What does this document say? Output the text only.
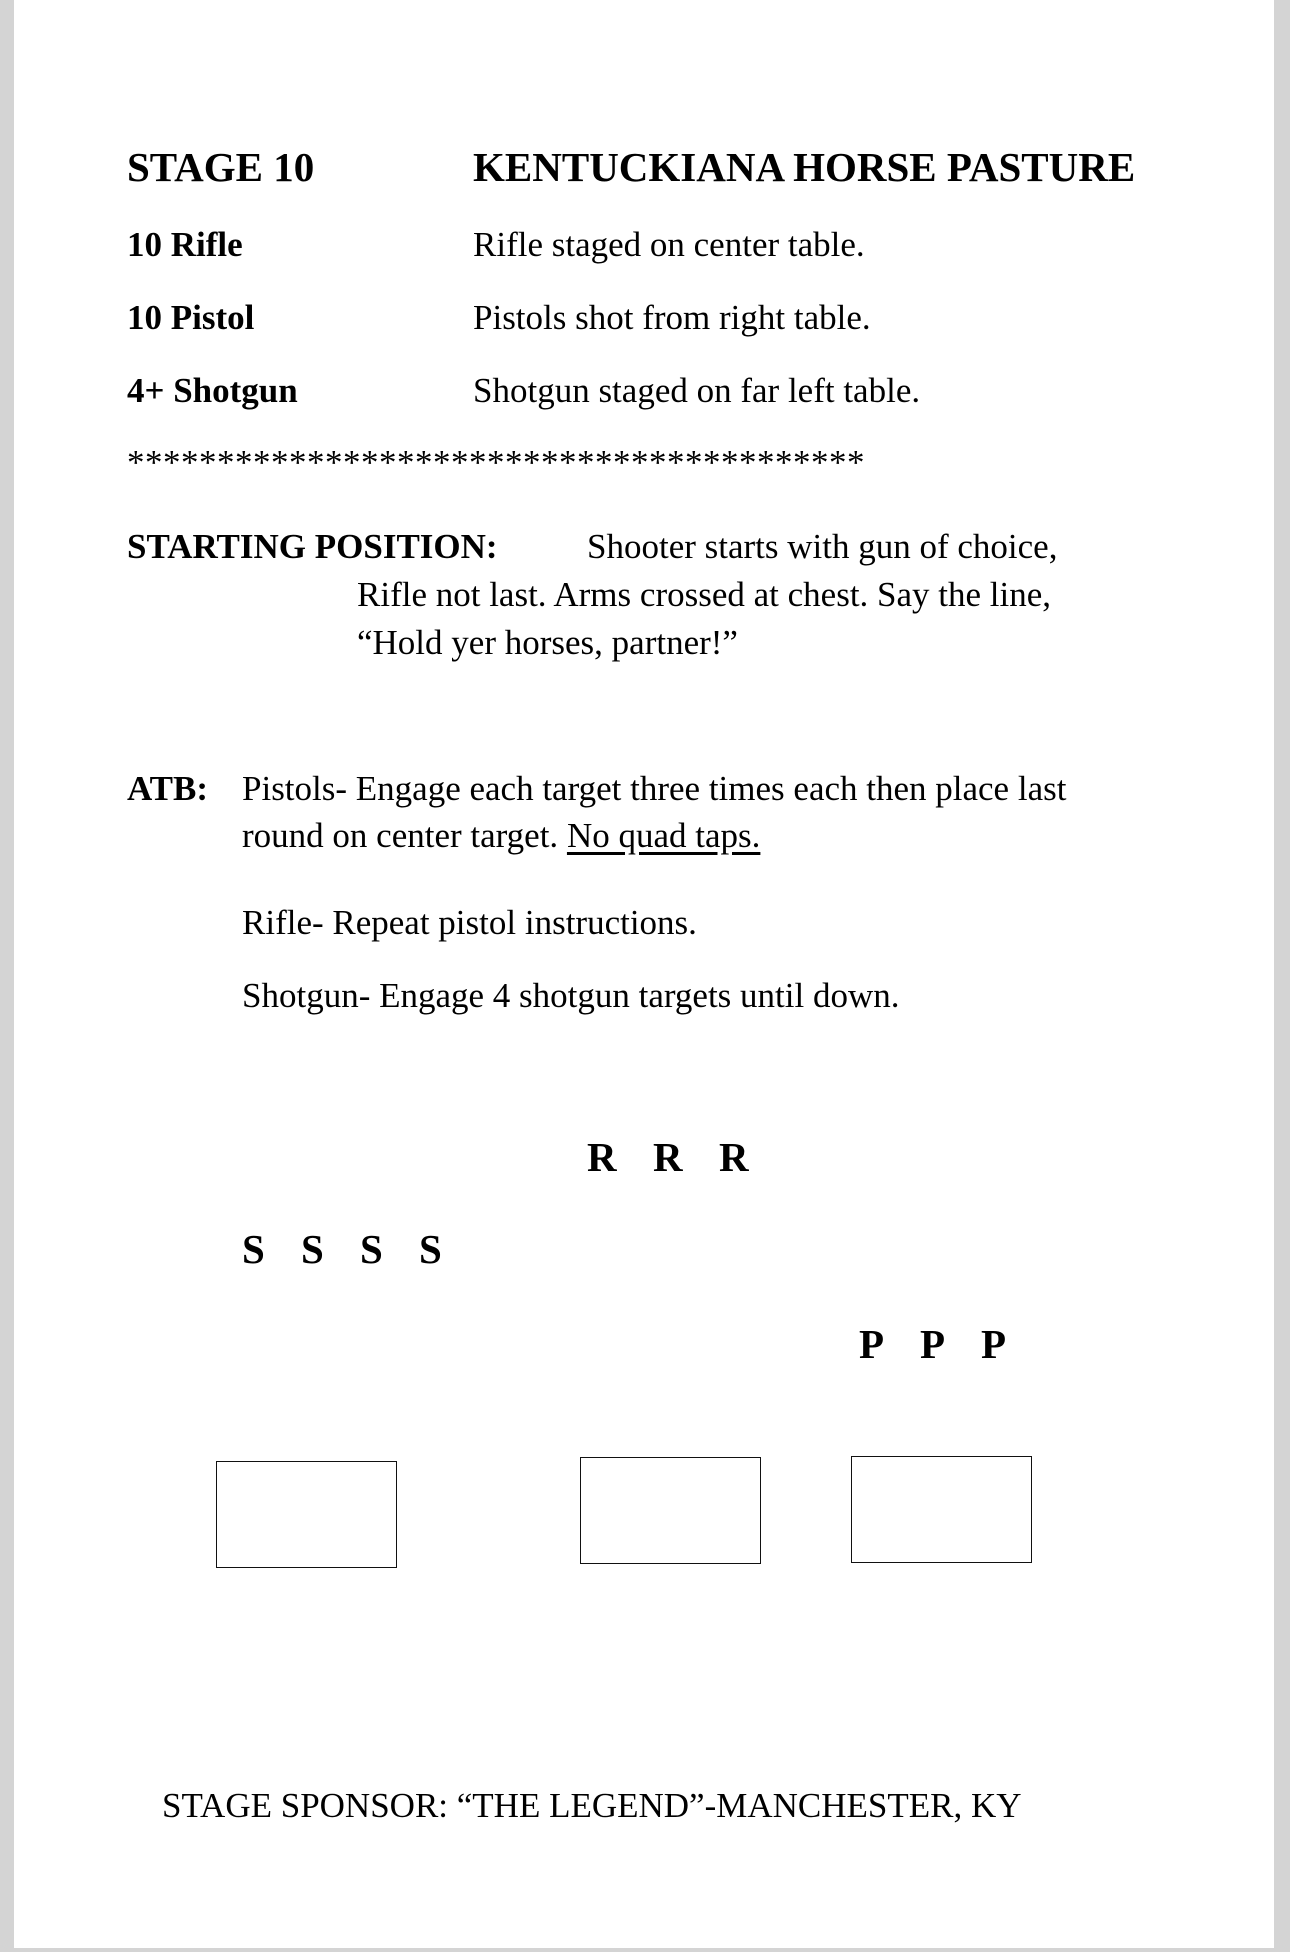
STAGE 10	KENTUCKIANA HORSE PASTURE
10 Rifle	Rifle staged on center table.
10 Pistol	Pistols shot from right table.
4+ Shotgun	Shotgun staged on far left table.
*****************************************
STARTING POSITION:	Shooter starts with gun of choice,
Rifle not last. Arms crossed at chest. Say the line,
“Hold yer horses, partner!”
ATB: Pistols- Engage each target three times each then place last
round on center target. No quad taps.
Rifle- Repeat pistol instructions.
Shotgun- Engage 4 shotgun targets until down.
R R R
S S S S
P P P
STAGE SPONSOR: “THE LEGEND”-MANCHESTER, KY
